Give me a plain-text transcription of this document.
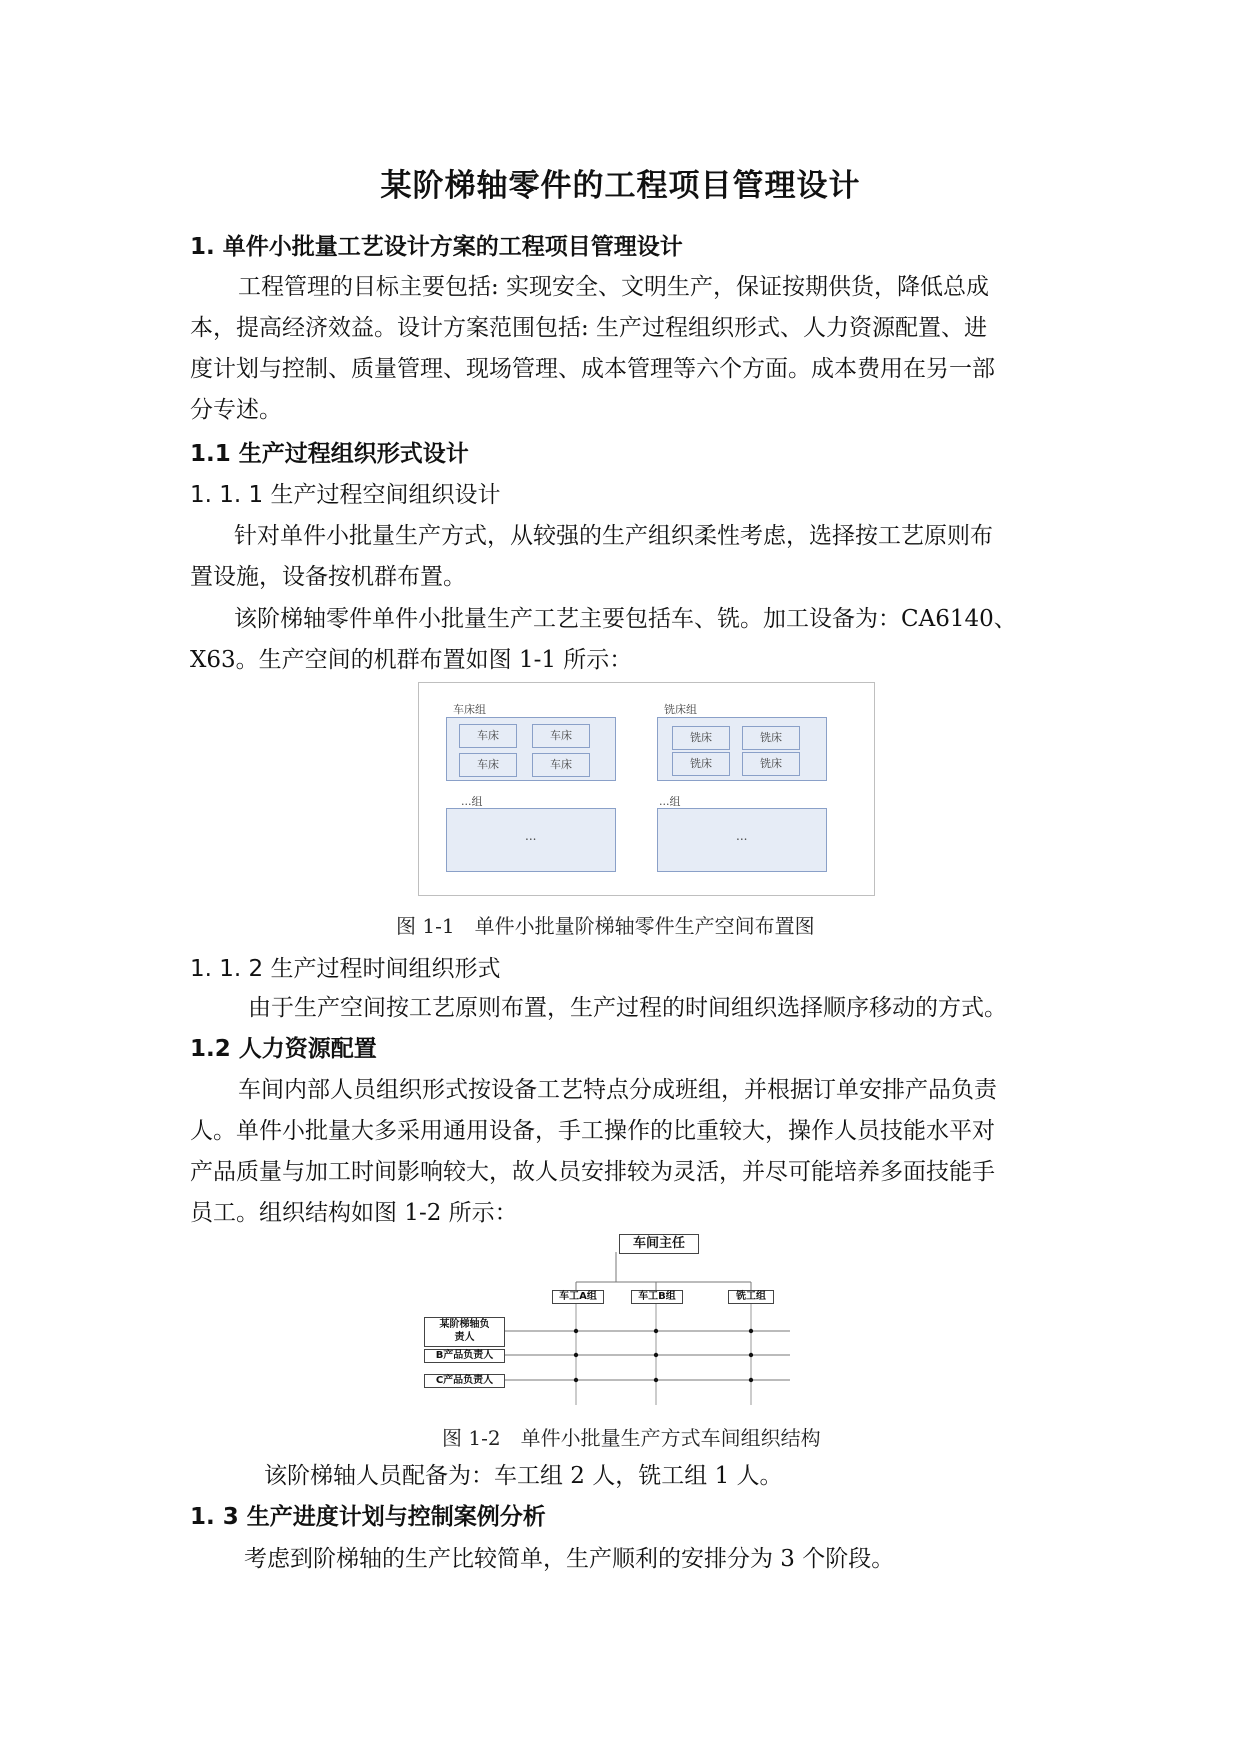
某阶梯轴零件的工程项目管理设计
1. 单件小批量工艺设计方案的工程项目管理设计
工程管理的目标主要包括: 实现安全、文明生产，保证按期供货，降低总成
本，提高经济效益。设计方案范围包括: 生产过程组织形式、人力资源配置、进
度计划与控制、质量管理、现场管理、成本管理等六个方面。成本费用在另一部
分专述。
1.1 生产过程组织形式设计
1. 1. 1 生产过程空间组织设计
针对单件小批量生产方式，从较强的生产组织柔性考虑，选择按工艺原则布
置设施，设备按机群布置。
该阶梯轴零件单件小批量生产工艺主要包括车、铣。加工设备为：CA6140、
X63。生产空间的机群布置如图 1-1 所示：
车床组
车床	车床
车床	车床
铣床组
铣床	铣床
铣床	铣床
...组
...
...组
...
图 1-1　单件小批量阶梯轴零件生产空间布置图
1. 1. 2 生产过程时间组织形式
由于生产空间按工艺原则布置，生产过程的时间组织选择顺序移动的方式。
1.2 人力资源配置
车间内部人员组织形式按设备工艺特点分成班组，并根据订单安排产品负责
人。单件小批量大多采用通用设备，手工操作的比重较大，操作人员技能水平对
产品质量与加工时间影响较大，故人员安排较为灵活，并尽可能培养多面技能手
员工。组织结构如图 1-2 所示：
车间主任
车工A组	车工B组	铣工组
某阶梯轴负
责人
B产品负责人
C产品负责人
图 1-2　单件小批量生产方式车间组织结构
该阶梯轴人员配备为：车工组 2 人，铣工组 1 人。
1. 3 生产进度计划与控制案例分析
考虑到阶梯轴的生产比较简单，生产顺利的安排分为 3 个阶段。
